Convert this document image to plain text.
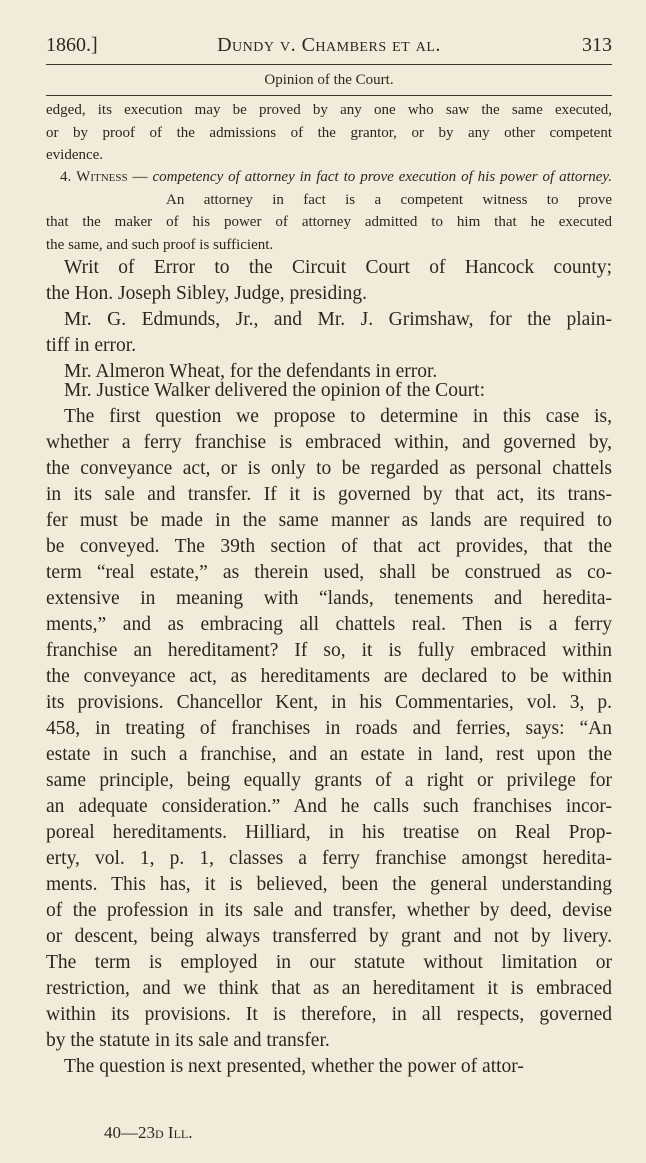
1860.]	Dundy v. Chambers et al.	313
Opinion of the Court.
edged, its execution may be proved by any one who saw the same executed,
or by proof of the admissions of the grantor, or by any other competent
evidence.
4. Witness — competency of attorney in fact to prove execution of his power of attorney.

An attorney in fact is a competent witness to prove
that the maker of his power of attorney admitted to him that he executed
the same, and such proof is sufficient.
Writ of Error to the Circuit Court of Hancock county;
the Hon. Joseph Sibley, Judge, presiding.
Mr. G. Edmunds, Jr., and Mr. J. Grimshaw, for the plain-
tiff in error.
Mr. Almeron Wheat, for the defendants in error.
Mr. Justice Walker delivered the opinion of the Court:
The first question we propose to determine in this case is,
whether a ferry franchise is embraced within, and governed by,
the conveyance act, or is only to be regarded as personal chattels
in its sale and transfer. If it is governed by that act, its trans-
fer must be made in the same manner as lands are required to
be conveyed. The 39th section of that act provides, that the
term “real estate,” as therein used, shall be construed as co-
extensive in meaning with “lands, tenements and heredita-
ments,” and as embracing all chattels real. Then is a ferry
franchise an hereditament? If so, it is fully embraced within
the conveyance act, as hereditaments are declared to be within
its provisions. Chancellor Kent, in his Commentaries, vol. 3, p.
458, in treating of franchises in roads and ferries, says: “An
estate in such a franchise, and an estate in land, rest upon the
same principle, being equally grants of a right or privilege for
an adequate consideration.” And he calls such franchises incor-
poreal hereditaments. Hilliard, in his treatise on Real Prop-
erty, vol. 1, p. 1, classes a ferry franchise amongst heredita-
ments. This has, it is believed, been the general understanding
of the profession in its sale and transfer, whether by deed, devise
or descent, being always transferred by grant and not by livery.
The term is employed in our statute without limitation or
restriction, and we think that as an hereditament it is embraced
within its provisions. It is therefore, in all respects, governed
by the statute in its sale and transfer.
The question is next presented, whether the power of attor-
40—23d Ill.
